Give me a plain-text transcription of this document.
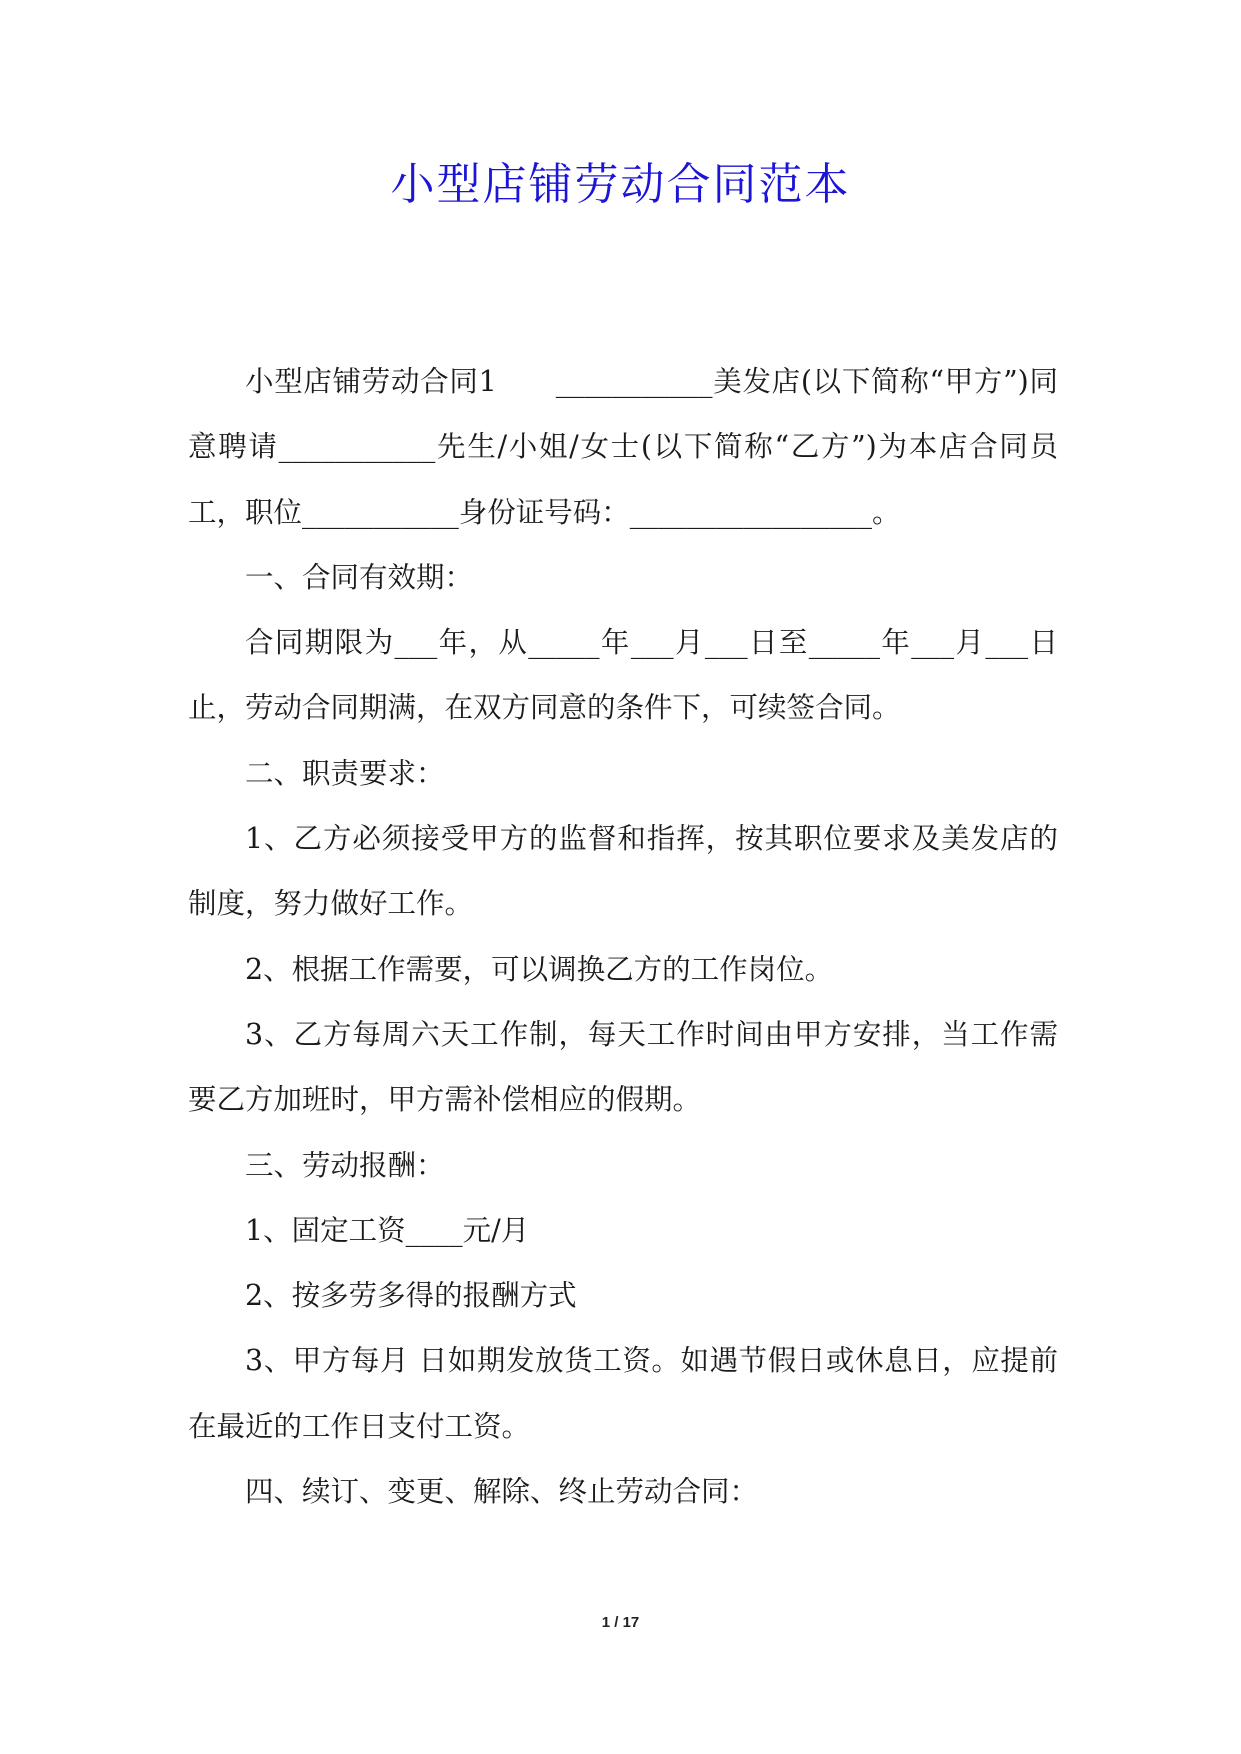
小型店铺劳动合同范本

小型店铺劳动合同1　　___________美发店(以下简称“甲方”)同意聘请___________先生/小姐/女士(以下简称“乙方”)为本店合同员工，职位___________身份证号码：_________________。

一、合同有效期：

合同期限为___年，从_____年___月___日至_____年___月___日止，劳动合同期满，在双方同意的条件下，可续签合同。

二、职责要求：

1、乙方必须接受甲方的监督和指挥，按其职位要求及美发店的制度，努力做好工作。

2、根据工作需要，可以调换乙方的工作岗位。

3、乙方每周六天工作制，每天工作时间由甲方安排，当工作需要乙方加班时，甲方需补偿相应的假期。

三、劳动报酬：

1、固定工资____元/月

2、按多劳多得的报酬方式

3、甲方每月 日如期发放货工资。如遇节假日或休息日，应提前在最近的工作日支付工资。

四、续订、变更、解除、终止劳动合同：

1 / 17
